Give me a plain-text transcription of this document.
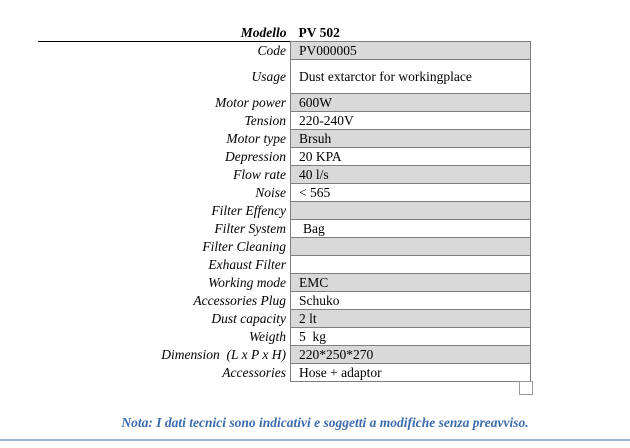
Modello	PV 502
Code	PV000005
Usage	Dust extarctor for workingplace
Motor power	600W
Tension	220-240V
Motor type	Brsuh
Depression	20 KPA
Flow rate	40 l/s
Noise	< 565
Filter Effency	
Filter System	Bag
Filter Cleaning	
Exhaust Filter	
Working mode	EMC
Accessories Plug	Schuko
Dust capacity	2 lt
Weigth	5  kg
Dimension  (L x P x H)	220*250*270
Accessories	Hose + adaptor
Nota: I dati tecnici sono indicativi e soggetti a modifiche senza preavviso.
